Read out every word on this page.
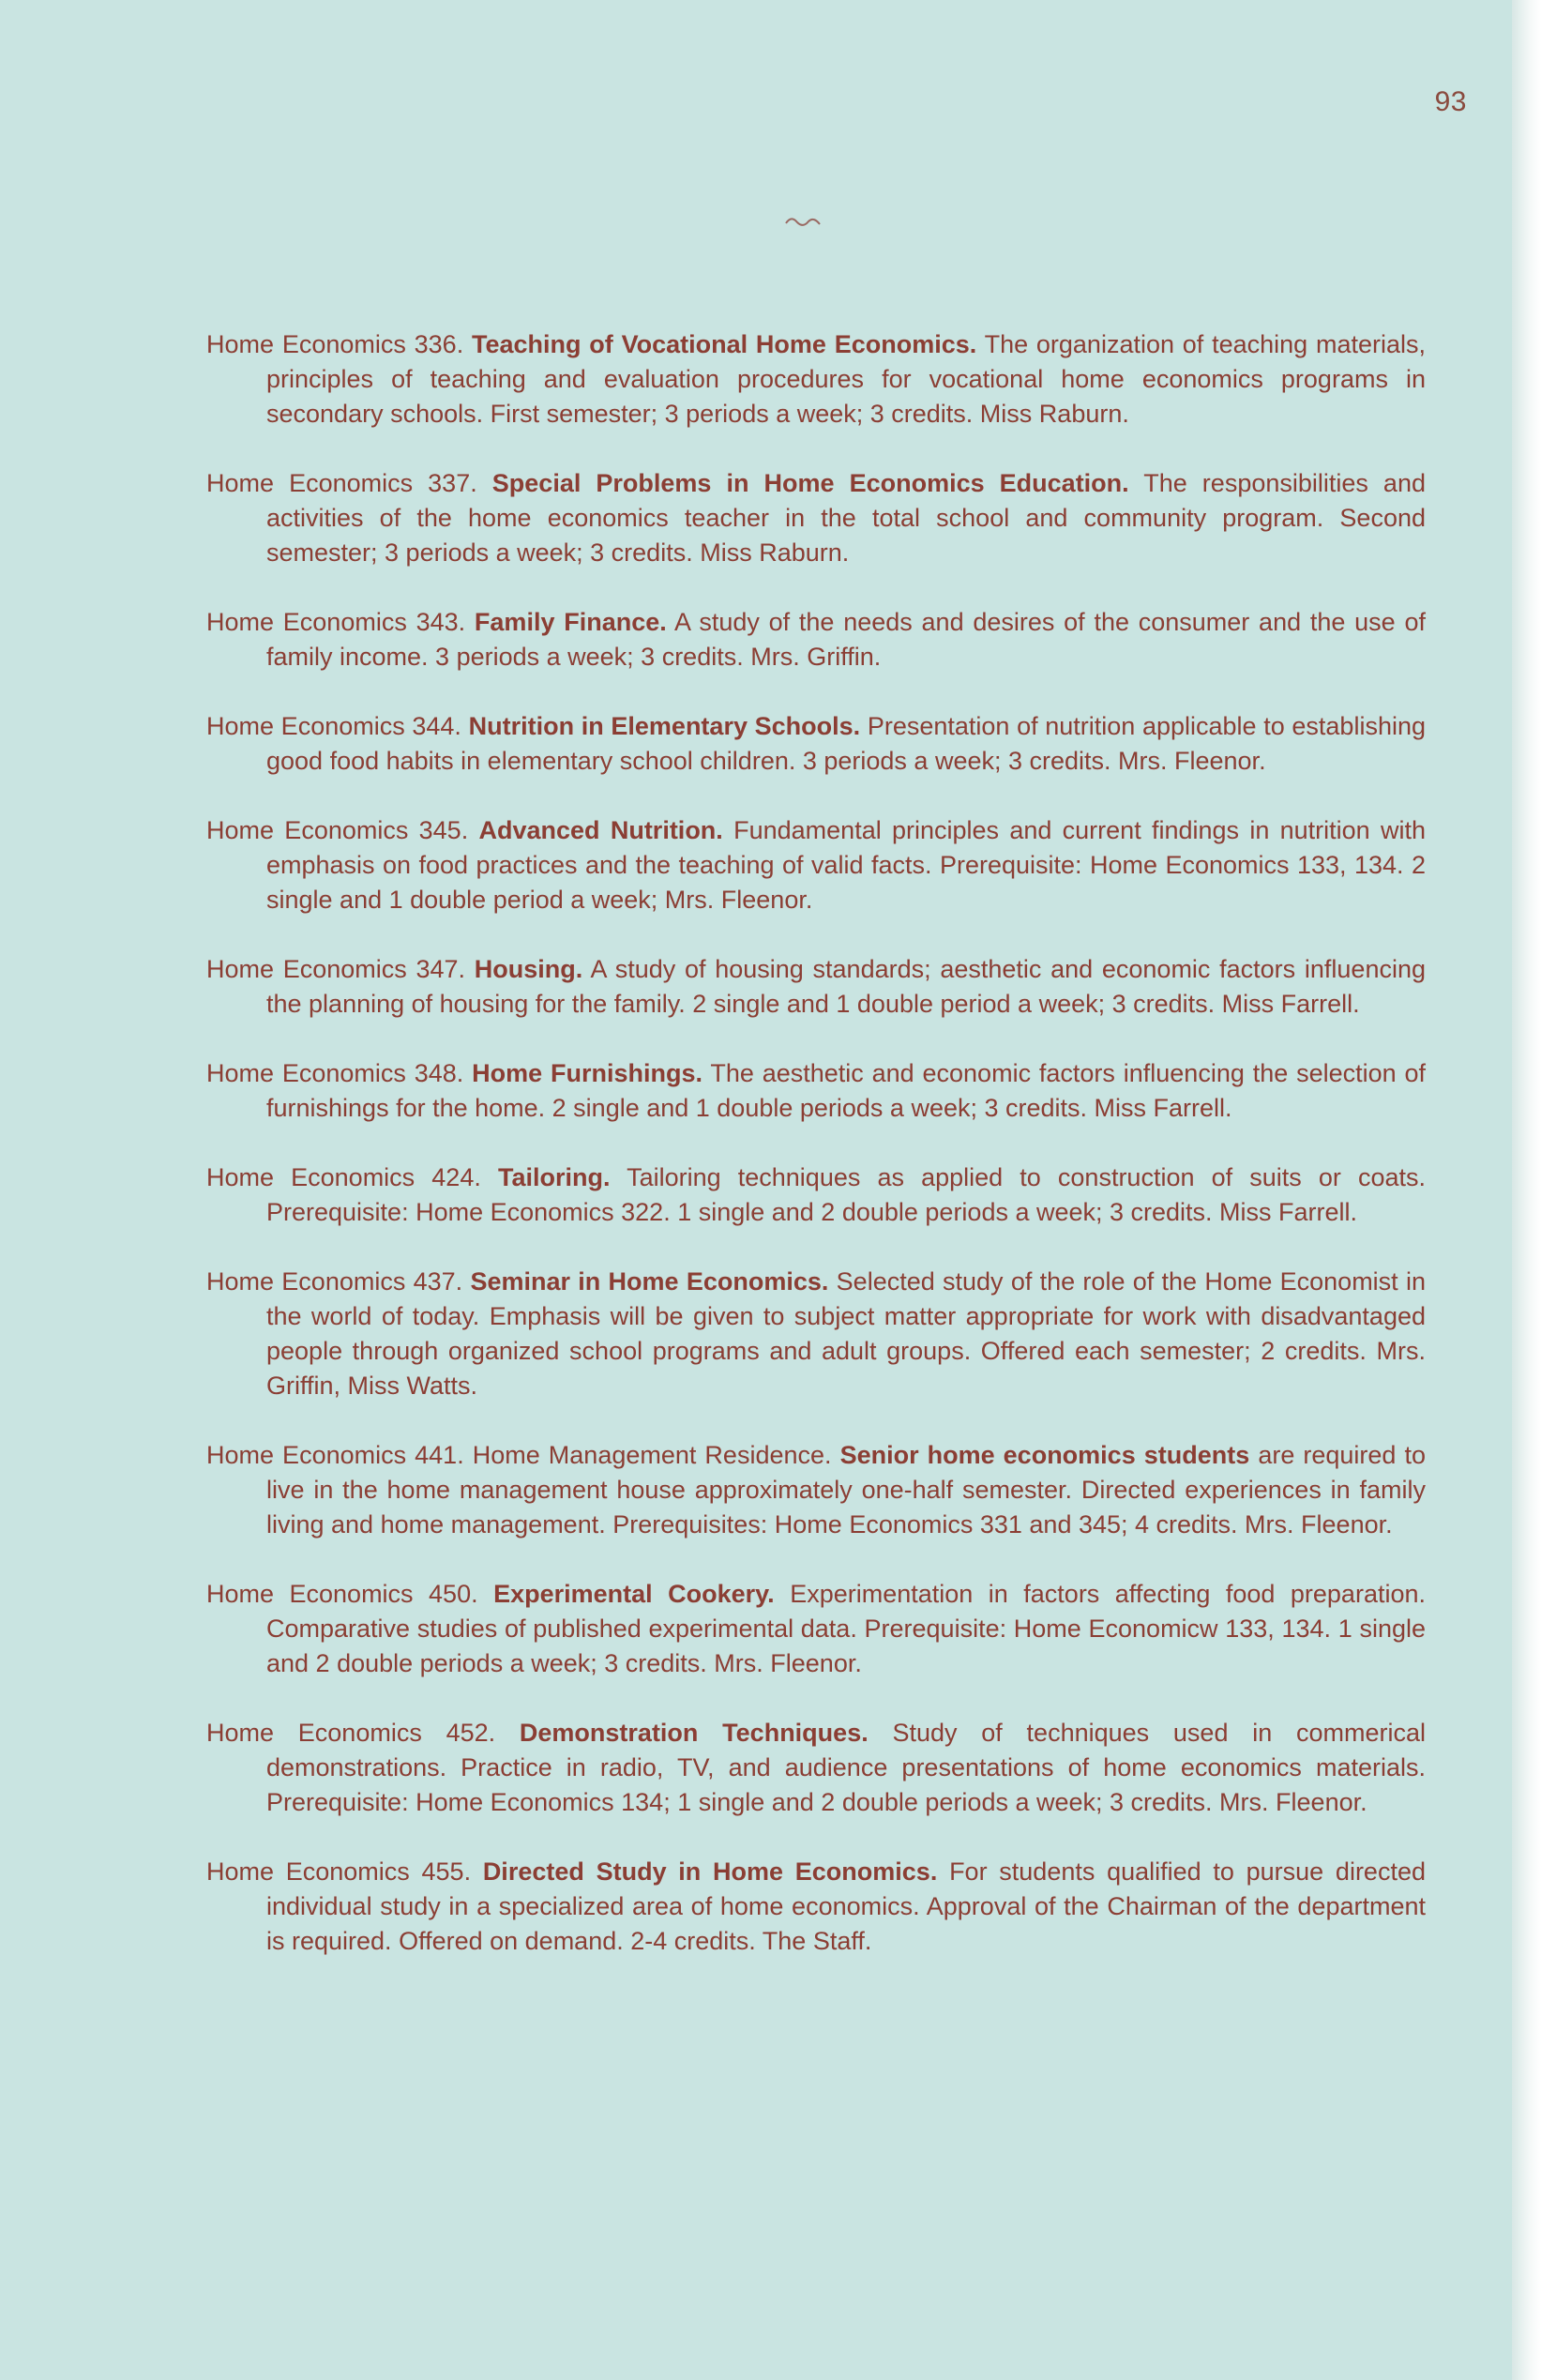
93

Home Economics 336. Teaching of Vocational Home Economics. The organization of teaching materials, principles of teaching and evaluation procedures for vocational home economics programs in secondary schools. First semester; 3 periods a week; 3 credits. Miss Raburn.

Home Economics 337. Special Problems in Home Economics Education. The responsibilities and activities of the home economics teacher in the total school and community program. Second semester; 3 periods a week; 3 credits. Miss Raburn.

Home Economics 343. Family Finance. A study of the needs and desires of the consumer and the use of family income. 3 periods a week; 3 credits. Mrs. Griffin.

Home Economics 344. Nutrition in Elementary Schools. Presentation of nutrition applicable to establishing good food habits in elementary school children. 3 periods a week; 3 credits. Mrs. Fleenor.

Home Economics 345. Advanced Nutrition. Fundamental principles and current findings in nutrition with emphasis on food practices and the teaching of valid facts. Prerequisite: Home Economics 133, 134. 2 single and 1 double period a week; Mrs. Fleenor.

Home Economics 347. Housing. A study of housing standards; aesthetic and economic factors influencing the planning of housing for the family. 2 single and 1 double period a week; 3 credits. Miss Farrell.

Home Economics 348. Home Furnishings. The aesthetic and economic factors influencing the selection of furnishings for the home. 2 single and 1 double periods a week; 3 credits. Miss Farrell.

Home Economics 424. Tailoring. Tailoring techniques as applied to construction of suits or coats. Prerequisite: Home Economics 322. 1 single and 2 double periods a week; 3 credits. Miss Farrell.

Home Economics 437. Seminar in Home Economics. Selected study of the role of the Home Economist in the world of today. Emphasis will be given to subject matter appropriate for work with disadvantaged people through organized school programs and adult groups. Offered each semester; 2 credits. Mrs. Griffin, Miss Watts.

Home Economics 441. Home Management Residence. Senior home economics students are required to live in the home management house approximately one-half semester. Directed experiences in family living and home management. Prerequisites: Home Economics 331 and 345; 4 credits. Mrs. Fleenor.

Home Economics 450. Experimental Cookery. Experimentation in factors affecting food preparation. Comparative studies of published experimental data. Prerequisite: Home Economicw 133, 134. 1 single and 2 double periods a week; 3 credits. Mrs. Fleenor.

Home Economics 452. Demonstration Techniques. Study of techniques used in commerical demonstrations. Practice in radio, TV, and audience presentations of home economics materials. Prerequisite: Home Economics 134; 1 single and 2 double periods a week; 3 credits. Mrs. Fleenor.

Home Economics 455. Directed Study in Home Economics. For students qualified to pursue directed individual study in a specialized area of home economics. Approval of the Chairman of the department is required. Offered on demand. 2-4 credits. The Staff.
